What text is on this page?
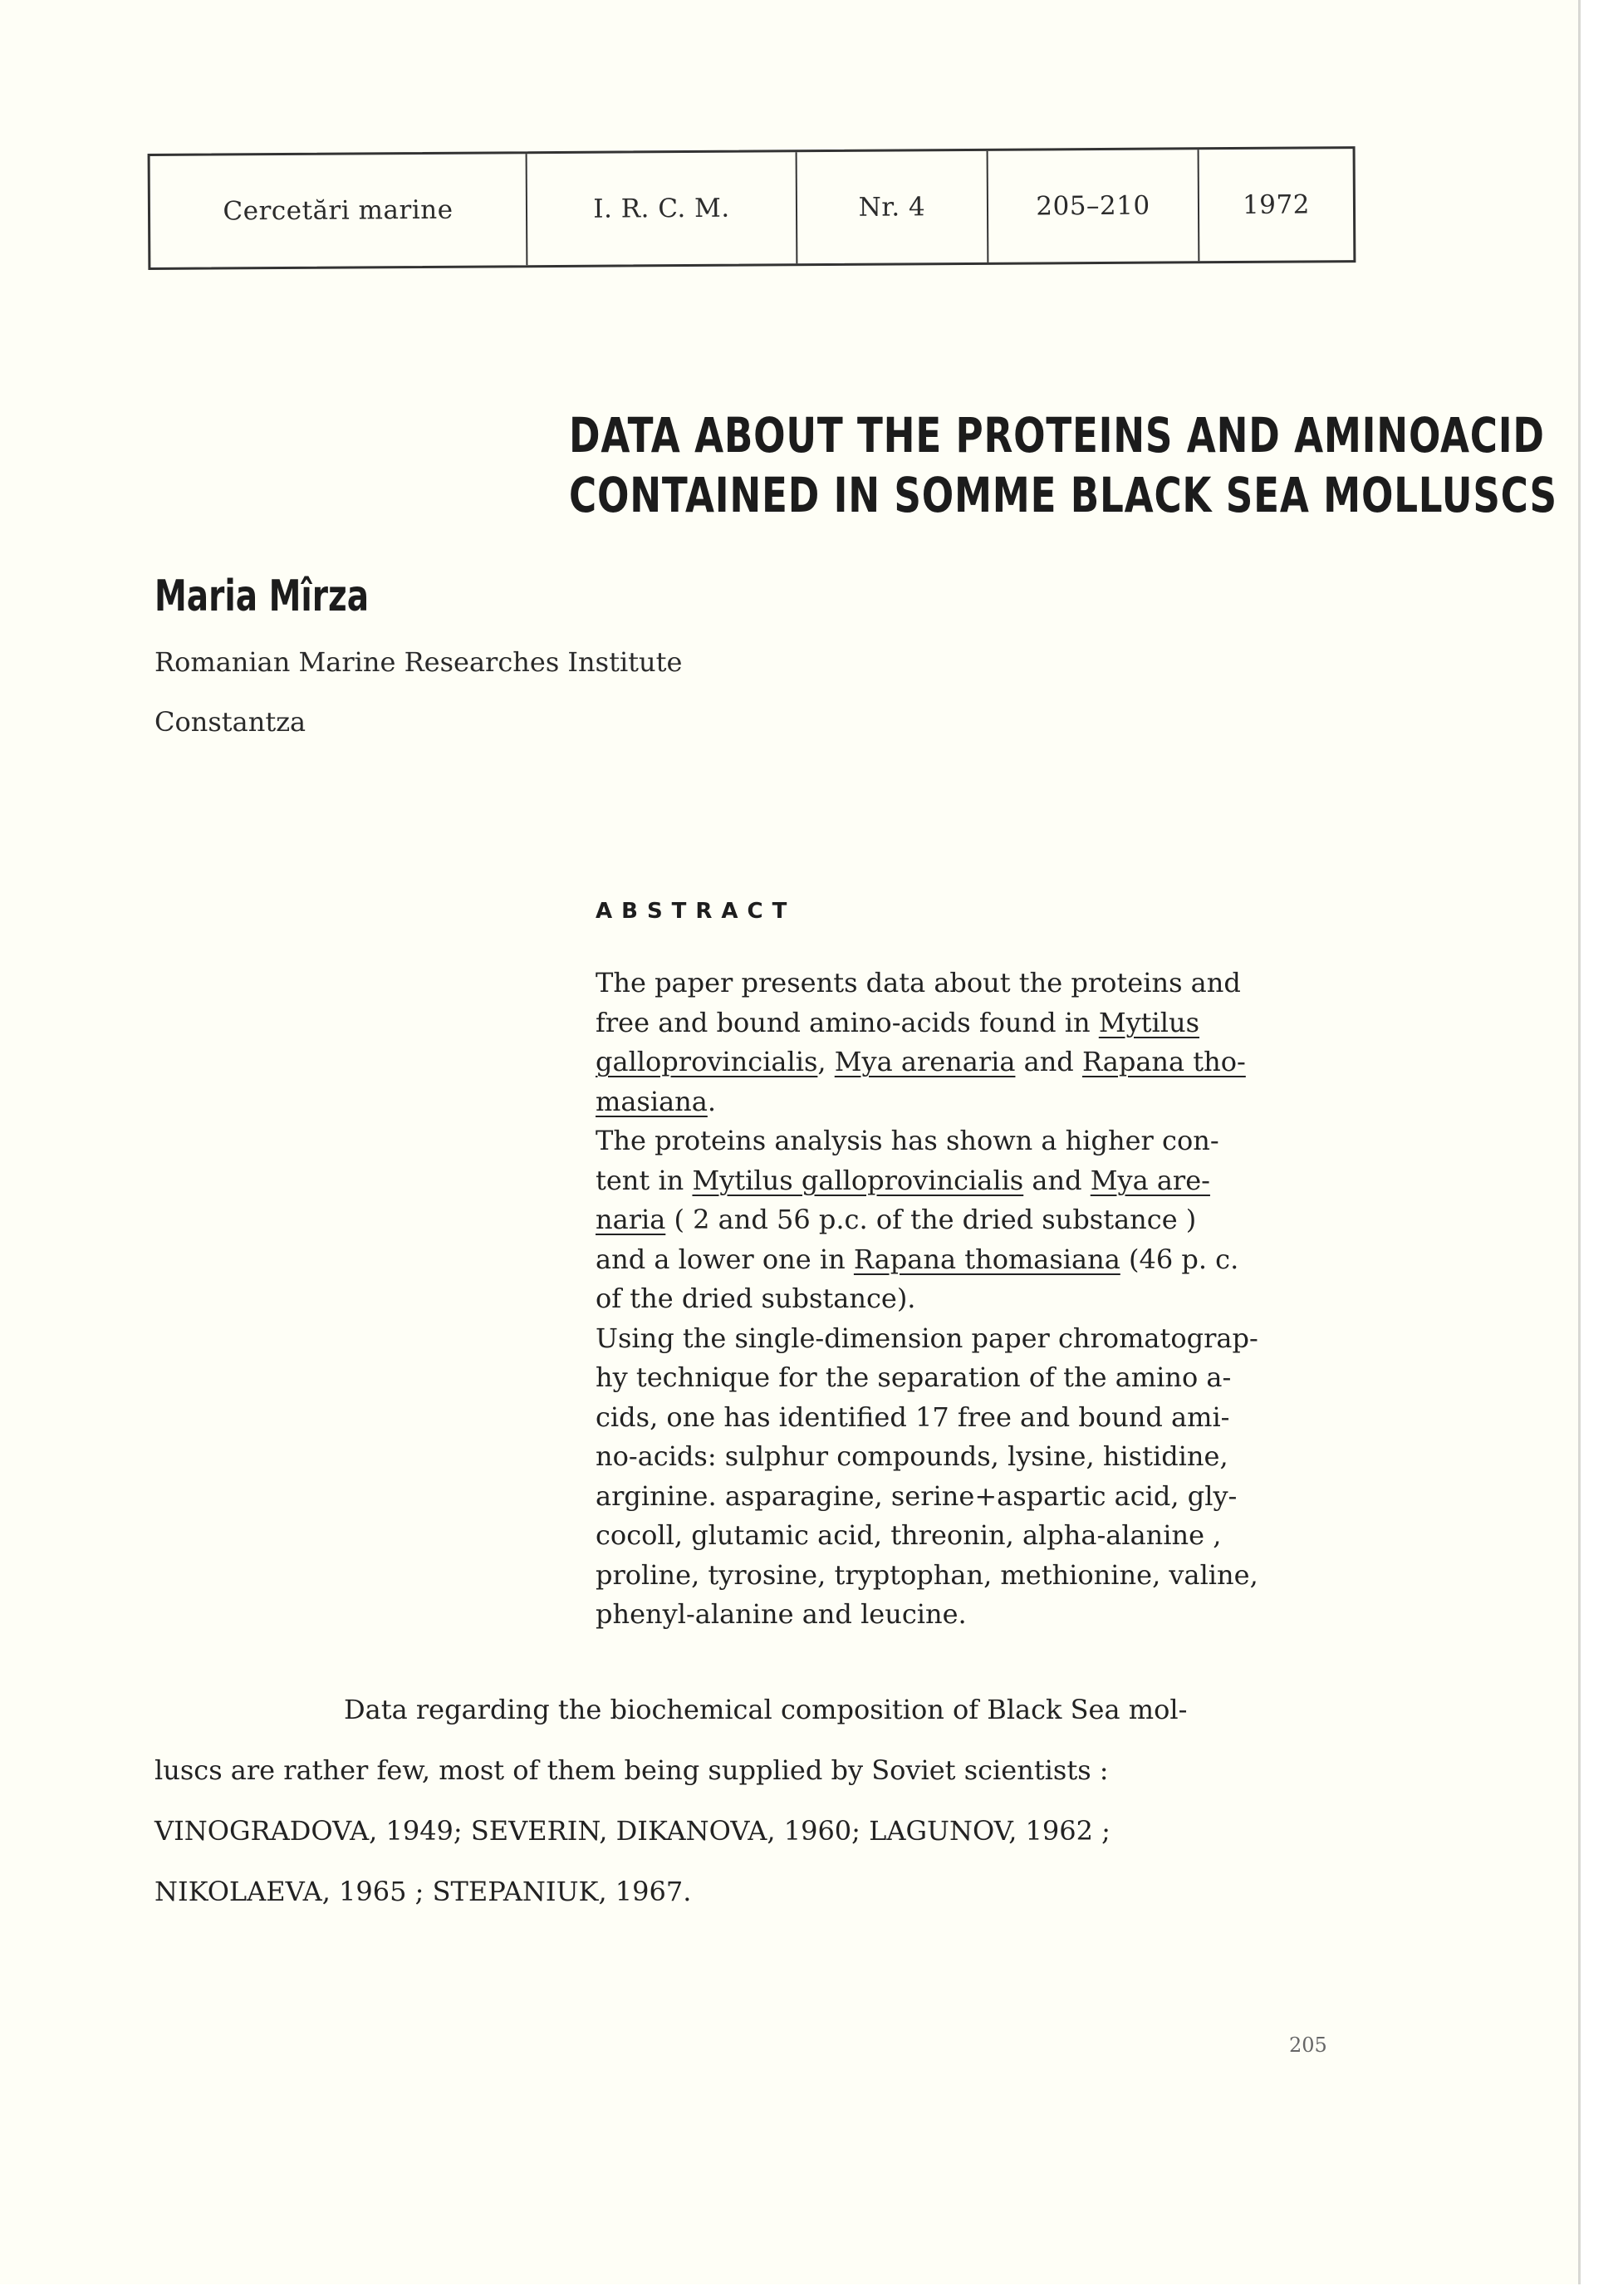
Cercetări marine	I. R. C. M.	Nr. 4	205–210	1972
DATA ABOUT THE PROTEINS AND AMINOACID
CONTAINED IN SOMME BLACK SEA MOLLUSCS
Maria Mîrza
Romanian Marine Researches Institute
Constantza
ABSTRACT

The paper presents data about the proteins and

free and bound amino-acids found in Mytilus

galloprovincialis, Mya arenaria and Rapana tho-

masiana.

The proteins analysis has shown a higher con-

tent in Mytilus galloprovincialis and Mya are-

naria ( 2 and 56 p.c. of the dried substance )

and a lower one in Rapana thomasiana (46 p. c.

of the dried substance).

Using the single-dimension paper chromatograp-

hy technique for the separation of the amino a-

cids, one has identified 17 free and bound ami-

no-acids: sulphur compounds, lysine, histidine,

arginine. asparagine, serine+aspartic acid, gly-

cocoll, glutamic acid, threonin, alpha-alanine ,

proline, tyrosine, tryptophan, methionine, valine,

phenyl-alanine and leucine.

Data regarding the biochemical composition of Black Sea mol-

luscs are rather few, most of them being supplied by Soviet scientists :

VINOGRADOVA, 1949; SEVERIN, DIKANOVA, 1960; LAGUNOV, 1962 ;

NIKOLAEVA, 1965 ; STEPANIUK, 1967.

205
